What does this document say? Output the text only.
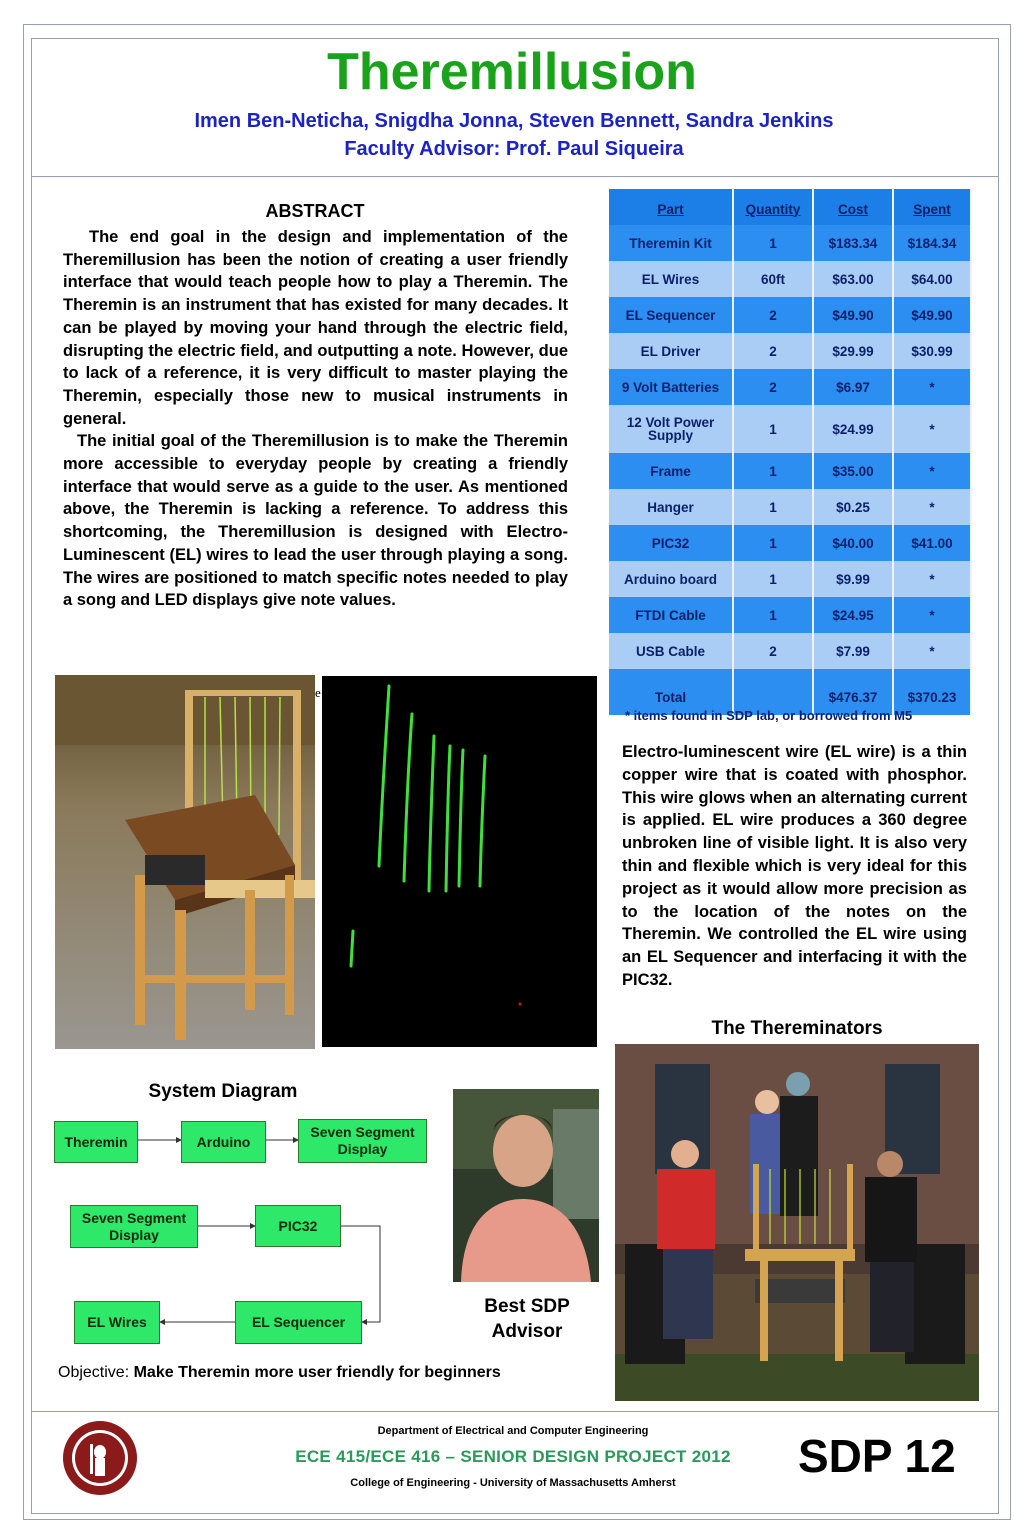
Theremillusion
Imen Ben-Neticha, Snigdha Jonna, Steven Bennett, Sandra Jenkins
Faculty Advisor: Prof. Paul Siqueira
ABSTRACT

The end goal in the design and implementation of the Theremillusion has been the notion of creating a user friendly interface that would teach people how to play a Theremin. The Theremin is an instrument that has existed for many decades. It can be played by moving your hand through the electric field, disrupting the electric field, and outputting a note. However, due to lack of a reference, it is very difficult to master playing the Theremin, especially those new to musical instruments in general.

The initial goal of the Theremillusion is to make the Theremin more accessible to everyday people by creating a friendly interface that would serve as a guide to the user. As mentioned above, the Theremin is lacking a reference. To address this shortcoming, the Theremillusion is designed with Electro-Luminescent (EL) wires to lead the user through playing a song. The wires are positioned to match specific notes needed to play a song and LED displays give note values.

e
Part	Quantity	Cost	Spent
Theremin Kit	1	$183.34	$184.34
EL Wires	60ft	$63.00	$64.00
EL Sequencer	2	$49.90	$49.90
EL Driver	2	$29.99	$30.99
9 Volt Batteries	2	$6.97	*
12 Volt Power Supply	1	$24.99	*
Frame	1	$35.00	*
Hanger	1	$0.25	*
PIC32	1	$40.00	$41.00
Arduino board	1	$9.99	*
FTDI Cable	1	$24.95	*
USB Cable	2	$7.99	*
Total		$476.37	$370.23
* items found in SDP lab, or borrowed from M5

Electro-luminescent wire (EL wire) is a thin copper wire that is coated with phosphor. This wire glows when an alternating current is applied. EL wire produces a 360 degree unbroken line of visible light. It is also very thin and flexible which is very ideal for this project as it would allow more precision as to the location of the notes on the Theremin. We controlled the EL wire using an EL Sequencer and interfacing it with the PIC32.

The Thereminators
System Diagram
Theremin	Arduino
Seven Segment Display
Seven Segment Display
PIC32
EL Wires	EL Sequencer
Objective: Make Theremin more user friendly for beginners
Best SDP Advisor
Department of Electrical and Computer Engineering
ECE 415/ECE 416 – SENIOR DESIGN PROJECT 2012
College of Engineering - University of Massachusetts Amherst
SDP 12
